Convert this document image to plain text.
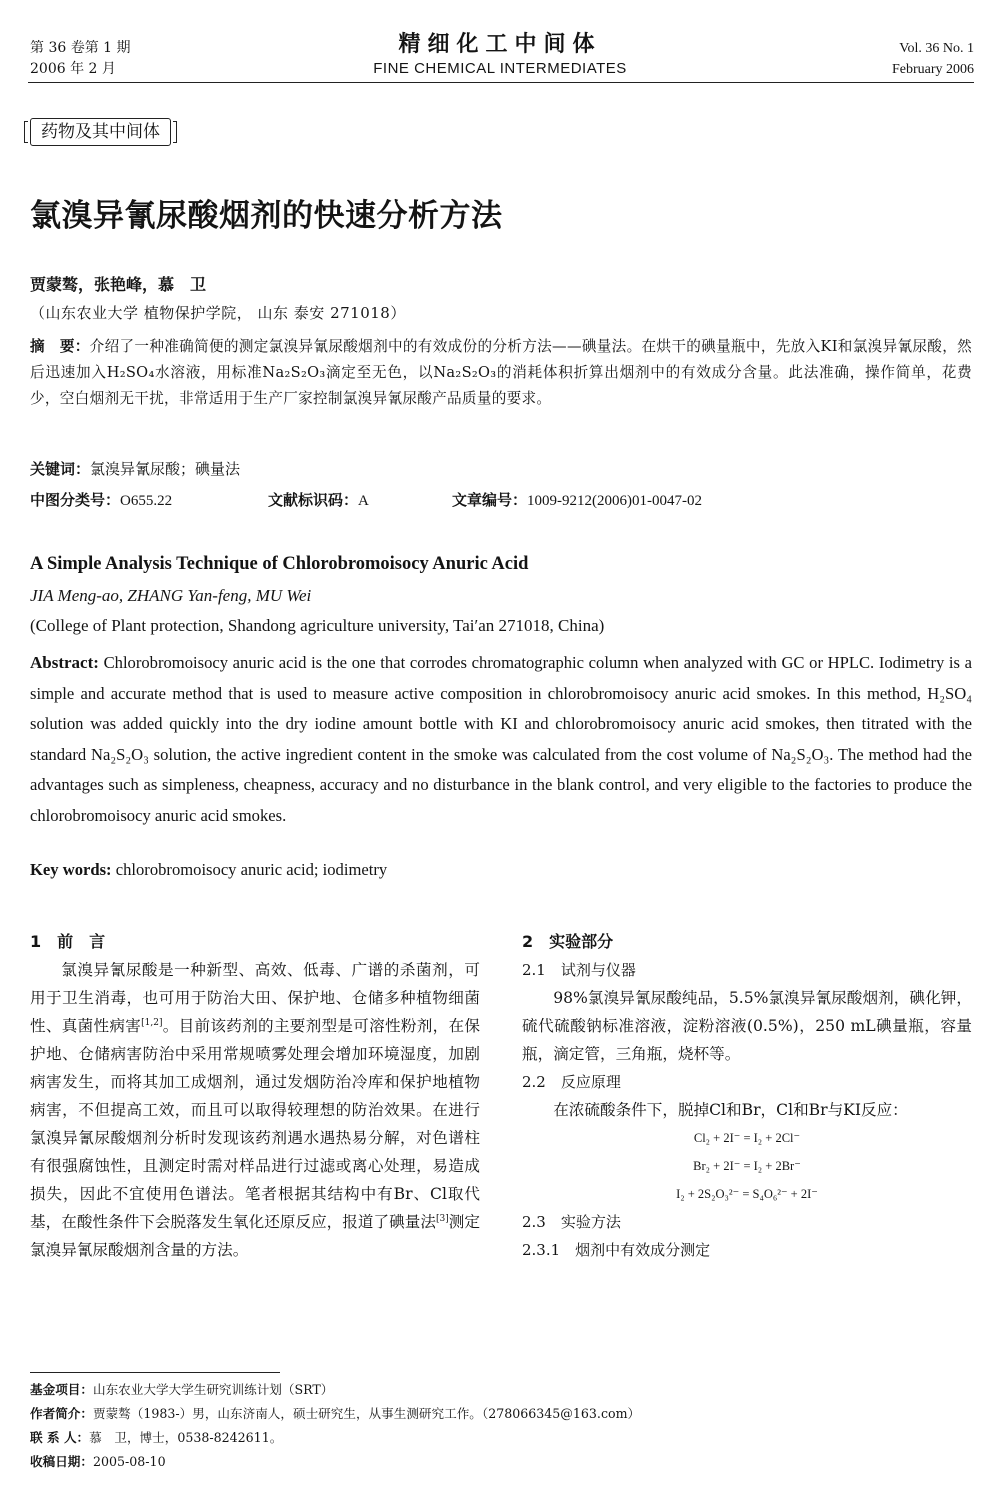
第 36 卷第 1 期
2006 年 2 月
精细化工中间体
FINE CHEMICAL INTERMEDIATES
Vol. 36 No. 1
February 2006
药物及其中间体
氯溴异氰尿酸烟剂的快速分析方法
贾蒙骜，张艳峰，慕　卫
（山东农业大学 植物保护学院， 山东 泰安 271018）
摘　要：介绍了一种准确简便的测定氯溴异氰尿酸烟剂中的有效成份的分析方法——碘量法。在烘干的碘量瓶中，先放入KI和氯溴异氰尿酸，然后迅速加入H₂SO₄水溶液，用标准Na₂S₂O₃滴定至无色，以Na₂S₂O₃的消耗体积折算出烟剂中的有效成分含量。此法准确，操作简单，花费少，空白烟剂无干扰，非常适用于生产厂家控制氯溴异氰尿酸产品质量的要求。
关键词：氯溴异氰尿酸；碘量法
中图分类号：O655.22	文献标识码：A	文章编号：1009-9212(2006)01-0047-02
A Simple Analysis Technique of Chlorobromoisocy Anuric Acid
JIA Meng-ao, ZHANG Yan-feng, MU Wei
(College of Plant protection, Shandong agriculture university, Tai′an 271018, China)
Abstract: Chlorobromoisocy anuric acid is the one that corrodes chromatographic column when analyzed with GC or HPLC. Iodimetry is a simple and accurate method that is used to measure active composition in chlorobromoisocy anuric acid smokes. In this method, H₂SO₄ solution was added quickly into the dry iodine amount bottle with KI and chlorobromoisocy anuric acid smokes, then titrated with the standard Na₂S₂O₃ solution, the active ingredient content in the smoke was calculated from the cost volume of Na₂S₂O₃. The method had the advantages such as simpleness, cheapness, accuracy and no disturbance in the blank control, and very eligible to the factories to produce the chlorobromoisocy anuric acid smokes.
Key words: chlorobromoisocy anuric acid; iodimetry
1　前　言

氯溴异氰尿酸是一种新型、高效、低毒、广谱的杀菌剂，可用于卫生消毒，也可用于防治大田、保护地、仓储多种植物细菌性、真菌性病害[1,2]。目前该药剂的主要剂型是可溶性粉剂，在保护地、仓储病害防治中采用常规喷雾处理会增加环境湿度，加剧病害发生，而将其加工成烟剂，通过发烟防治冷库和保护地植物病害，不但提高工效，而且可以取得较理想的防治效果。在进行氯溴异氰尿酸烟剂分析时发现该药剂遇水遇热易分解，对色谱柱有很强腐蚀性，且测定时需对样品进行过滤或离心处理，易造成损失，因此不宜使用色谱法。笔者根据其结构中有Br、Cl取代基，在酸性条件下会脱落发生氧化还原反应，报道了碘量法[3]测定氯溴异氰尿酸烟剂含量的方法。

2　实验部分
2.1　试剂与仪器

98%氯溴异氰尿酸纯品，5.5%氯溴异氰尿酸烟剂，碘化钾，硫代硫酸钠标准溶液，淀粉溶液(0.5%)，250 mL碘量瓶，容量瓶，滴定管，三角瓶，烧杯等。

2.2　反应原理

在浓硫酸条件下，脱掉Cl和Br，Cl和Br与KI反应：

Cl₂ + 2I⁻ = I₂ + 2Cl⁻
Br₂ + 2I⁻ = I₂ + 2Br⁻
I₂ + 2S₂O₃²⁻ = S₄O₆²⁻ + 2I⁻
2.3　实验方法
2.3.1　烟剂中有效成分测定
基金项目：山东农业大学大学生研究训练计划（SRT）
作者简介：贾蒙骜（1983-）男，山东济南人，硕士研究生，从事生测研究工作。（278066345@163.com）
联 系 人：慕　卫，博士，0538-8242611。
收稿日期：2005-08-10
